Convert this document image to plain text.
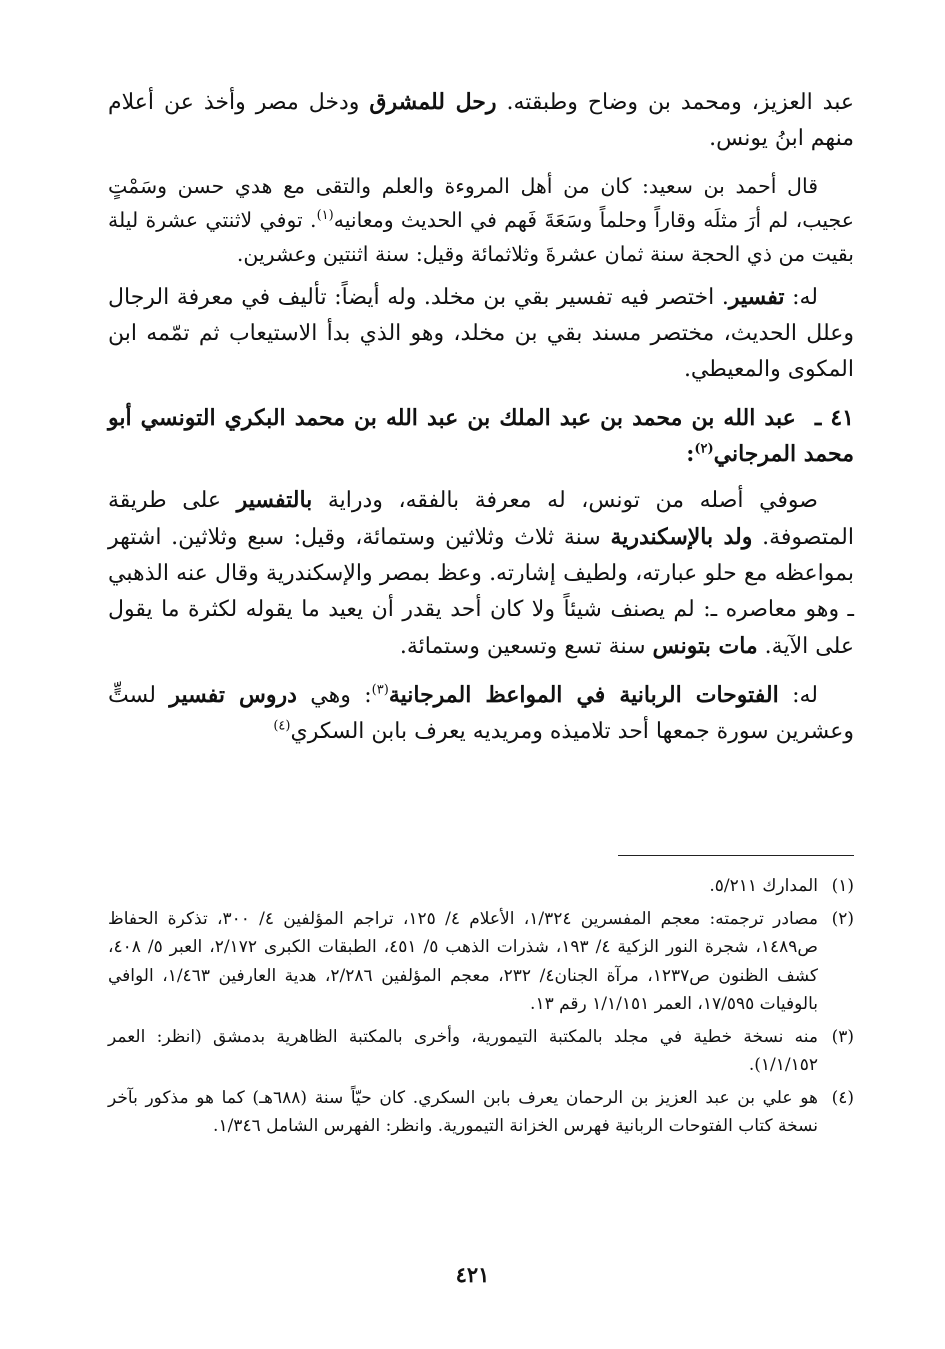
عبد العزيز، ومحمد بن وضاح وطبقته. رحل للمشرق ودخل مصر وأخذ عن أعلام منهم ابنُ يونس.

قال أحمد بن سعيد: كان من أهل المروءة والعلم والتقى مع هدي حسن وسَمْتٍ عجيب، لم أرَ مثلَه وقاراً وحلماً وسَعَةَ فَهم في الحديث ومعانيه$^{(١)}$. توفي لاثنتي عشرة ليلة بقيت من ذي الحجة سنة ثمان عشرةَ وثلاثمائة وقيل: سنة اثنتين وعشرين.

له: تفسير. اختصر فيه تفسير بقي بن مخلد. وله أيضاً: تأليف في معرفة الرجال وعلل الحديث، مختصر مسند بقي بن مخلد، وهو الذي بدأ الاستيعاب ثم تمّمه ابن المكوى والمعيطي.

٤١ ـ عبد الله بن محمد بن عبد الملك بن عبد الله بن محمد البكري التونسي أبو محمد المرجاني$^{(٢)}$:

صوفي أصله من تونس، له معرفة بالفقه، ودراية بالتفسير على طريقة المتصوفة. ولد بالإسكندرية سنة ثلاث وثلاثين وستمائة، وقيل: سبع وثلاثين. اشتهر بمواعظه مع حلو عبارته، ولطيف إشارته. وعظ بمصر والإسكندرية وقال عنه الذهبي ـ وهو معاصره ـ: لم يصنف شيئاً ولا كان أحد يقدر أن يعيد ما يقوله لكثرة ما يقول على الآية. مات بتونس سنة تسع وتسعين وستمائة.

له: الفتوحات الربانية في المواعظ المرجانية$^{(٣)}$: وهي دروس تفسير لستٍّ وعشرين سورة جمعها أحد تلاميذه ومريديه يعرف بابن السكري$^{(٤)}$

(١)
المدارك ٥/٢١١.
(٢)
مصادر ترجمته: معجم المفسرين ١/٣٢٤، الأعلام ٤/ ١٢٥، تراجم المؤلفين ٤/ ٣٠٠، تذكرة الحفاظ ص١٤٨٩، شجرة النور الزكية ٤/ ١٩٣، شذرات الذهب ٥/ ٤٥١، الطبقات الكبرى ٢/١٧٢، العبر ٥/ ٤٠٨، كشف الظنون ص١٢٣٧، مرآة الجنان٤/ ٢٣٢، معجم المؤلفين ٢/٢٨٦، هدية العارفين ١/٤٦٣، الوافي بالوفيات ١٧/٥٩٥، العمر ١/١/١٥١ رقم ١٣.
(٣)
منه نسخة خطية في مجلد بالمكتبة التيمورية، وأخرى بالمكتبة الظاهرية بدمشق (انظر: العمر ١/١/١٥٢).
(٤)
هو علي بن عبد العزيز بن الرحمان يعرف بابن السكري. كان حيّاً سنة (٦٨٨هـ) كما هو مذكور بآخر نسخة كتاب الفتوحات الربانية فهرس الخزانة التيمورية. وانظر: الفهرس الشامل ١/٣٤٦.
٤٢١
